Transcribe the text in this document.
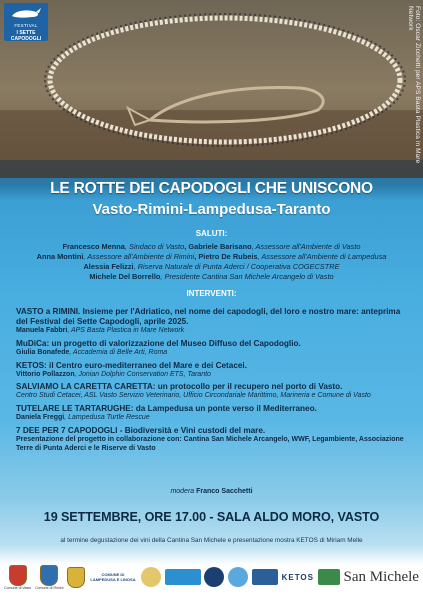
Foto: Oscar Zicchetti per APS Basta Plastica in Mare Network
FESTIVAL
I SETTE CAPODOGLI
LE ROTTE DEI CAPODOGLI CHE UNISCONO
Vasto-Rimini-Lampedusa-Taranto
SALUTI:
Francesco Menna, Sindaco di Vasto, Gabriele Barisano, Assessore all'Ambiente di Vasto
Anna Montini, Assessore all'Ambiente di Rimini, Pietro De Rubeis, Assessore all'Ambiente di Lampedusa
Alessia Felizzi, Riserva Naturale di Punta Aderci / Cooperativa COGECSTRE
Michele Del Borrello, Presidente Cantina San Michele Arcangelo di Vasto
INTERVENTI:
VASTO a RIMINI. Insieme per l'Adriatico, nel nome dei capodogli, del loro e nostro mare: anteprima del Festival dei Sette Capodogli, aprile 2025.
Manuela Fabbri, APS Basta Plastica in Mare Network
MuDiCa: un progetto di valorizzazione del Museo Diffuso del Capodoglio.
Giulia Bonafede, Accademia di Belle Arti, Roma
KETOS: il Centro euro-mediterraneo del Mare e dei Cetacei.
Vittorio Pollazzon, Jonian Dolphin Conservation ETS, Taranto
SALVIAMO LA CARETTA CARETTA: un protocollo per il recupero nel porto di Vasto.
Centro Studi Cetacei, ASL Vasto Servizio Veterinario, Ufficio Circondariale Marittimo, Marineria e Comune di Vasto
TUTELARE LE TARTARUGHE: da Lampedusa un ponte verso il Mediterraneo.
Daniela Freggi, Lampedusa Turtle Rescue
7 DEE PER 7 CAPODOGLI - Biodiversità e Vini custodi del mare.
Presentazione del progetto in collaborazione con: Cantina San Michele Arcangelo, WWF, Legambiente, Associazione Terre di Punta Aderci e le Riserve di Vasto
modera Franco Sacchetti
19 SETTEMBRE, ORE 17.00 - SALA ALDO MORO, VASTO
al termine degustazione dei vini della Cantina San Michele e presentazione mostra KETOS di Miriam Melle
Comune di Vasto Comune di Rimini
COMUNE DI LAMPEDUSA E LINOSA	KETOS San Michele
